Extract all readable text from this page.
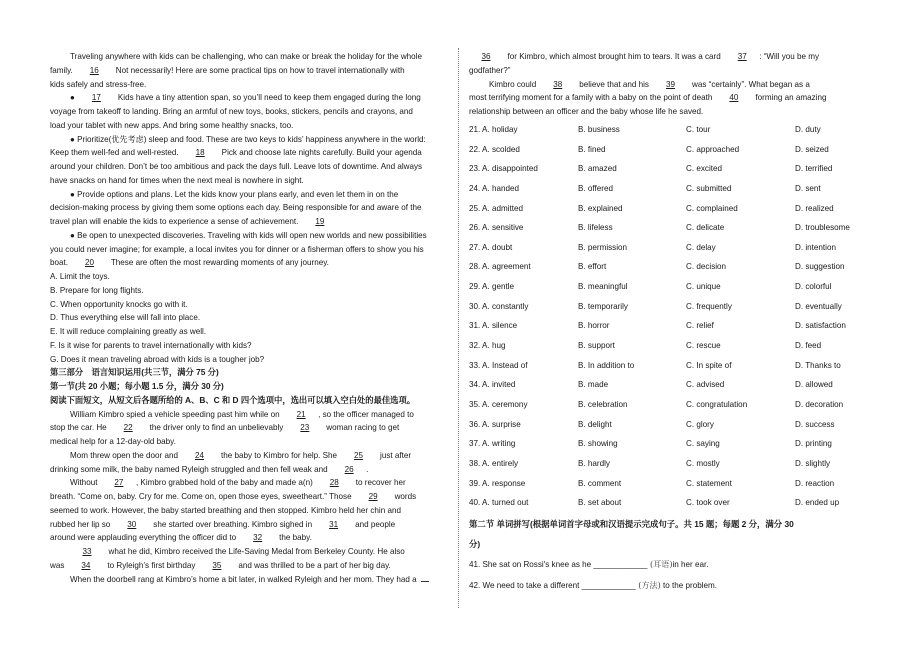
Traveling anywhere with kids can be challenging, who can make or break the holiday for the whole
family.  16  Not necessarily! Here are some practical tips on how to travel internationally with
kids safely and stress-free.
●  17  Kids have a tiny attention span, so you’ll need to keep them engaged during the long
voyage from takeoff to landing. Bring an armful of new toys, books, stickers, pencils and crayons, and
load your tablet with new apps. And bring some healthy snacks, too.
● Prioritize(优先考虑) sleep and food. These are two keys to kids’ happiness anywhere in the world:
Keep them well-fed and well-rested.  18  Pick and choose late nights carefully. Build your agenda
around your children. Don’t be too ambitious and pack the days full. Leave lots of downtime. And always
have snacks on hand for times when the next meal is nowhere in sight.
● Provide options and plans. Let the kids know your plans early, and even let them in on the
decision-making process by giving them some options each day. Being responsible for and aware of the
travel plan will enable the kids to experience a sense of achievement.  19
● Be open to unexpected discoveries. Traveling with kids will open new worlds and new possibilities
you could never imagine; for example, a local invites you for dinner or a fisherman offers to show you his
boat.  20  These are often the most rewarding moments of any journey.
A. Limit the toys.
B. Prepare for long flights.
C. When opportunity knocks go with it.
D. Thus everything else will fall into place.
E. It will reduce complaining greatly as well.
F. Is it wise for parents to travel internationally with kids?
G. Does it mean traveling abroad with kids is a tougher job?
第三部分　语言知识运用(共三节，满分 75 分)
第一节(共 20 小题；每小题 1.5 分，满分 30 分)
阅读下面短文，从短文后各题所给的 A、B、C 和 D 四个选项中，选出可以填入空白处的最佳选项。
William Kimbro spied a vehicle speeding past him while on  21 , so the officer managed to
stop the car. He  22  the driver only to find an unbelievably  23  woman racing to get
medical help for a 12-day-old baby.
Mom threw open the door and  24  the baby to Kimbro for help. She  25  just after
drinking some milk, the baby named Ryleigh struggled and then fell weak and  26 .
Without  27 , Kimbro grabbed hold of the baby and made a(n)  28  to recover her
breath. “Come on, baby. Cry for me. Come on, open those eyes, sweetheart.” Those  29  words
seemed to work. However, the baby started breathing and then stopped. Kimbro held her chin and
rubbed her lip so  30  she started over breathing. Kimbro sighed in  31  and people
around were applauding everything the officer did to  32  the baby.
33  what he did, Kimbro received the Life-Saving Medal from Berkeley County. He also
was  34  to Ryleigh’s first birthday  35  and was thrilled to be a part of her big day.
When the doorbell rang at Kimbro’s home a bit later, in walked Ryleigh and her mom. They had a
36  for Kimbro, which almost brought him to tears. It was a card  37 : “Will you be my
godfather?”
Kimbro could  38  believe that and his  39  was “certainly”. What began as a
most terrifying moment for a family with a baby on the point of death  40  forming an amazing
relationship between an officer and the baby whose life he saved.
21. A. holiday	B. business	C. tour	D. duty
22. A. scolded	B. fined	C. approached	D. seized
23. A. disappointed	B. amazed	C. excited	D. terrified
24. A. handed	B. offered	C. submitted	D. sent
25. A. admitted	B. explained	C. complained	D. realized
26. A. sensitive	B. lifeless	C. delicate	D. troublesome
27. A. doubt	B. permission	C. delay	D. intention
28. A. agreement	B. effort	C. decision	D. suggestion
29. A. gentle	B. meaningful	C. unique	D. colorful
30. A. constantly	B. temporarily	C. frequently	D. eventually
31. A. silence	B. horror	C. relief	D. satisfaction
32. A. hug	B. support	C. rescue	D. feed
33. A. Instead of	B. In addition to	C. In spite of	D. Thanks to
34. A. invited	B. made	C. advised	D. allowed
35. A. ceremony	B. celebration	C. congratulation	D. decoration
36. A. surprise	B. delight	C. glory	D. success
37. A. writing	B. showing	C. saying	D. printing
38. A. entirely	B. hardly	C. mostly	D. slightly
39. A. response	B. comment	C. statement	D. reaction
40. A. turned out	B. set about	C. took over	D. ended up
第二节 单词拼写(根据单词首字母或和汉语提示完成句子。共 15 题；每题 2 分，满分 30
分)
41. She sat on Rossi's knee as he ____________ (耳语)in her ear.
42. We need to take a different ____________ (方法) to the problem.
